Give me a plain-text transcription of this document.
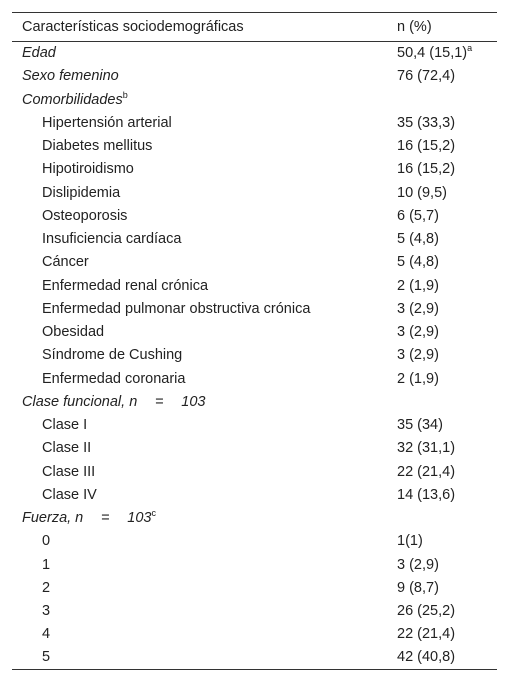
Características sociodemográficas	n (%)
Edad	50,4 $(15,1)^a$
Sexo femenino	76 (72,4)
Comorbilidades$^b$	
Hipertensión arterial	35 (33,3)
Diabetes mellitus	16 (15,2)
Hipotiroidismo	16 (15,2)
Dislipidemia	10 (9,5)
Osteoporosis	6 (5,7)
Insuficiencia cardíaca	5 (4,8)
Cáncer	5 (4,8)
Enfermedad renal crónica	2 (1,9)
Enfermedad pulmonar obstructiva crónica	3 (2,9)
Obesidad	3 (2,9)
Síndrome de Cushing	3 (2,9)
Enfermedad coronaria	2 (1,9)
Clase funcional, n = 103	
Clase I	35 (34)
Clase II	32 (31,1)
Clase III	22 (21,4)
Clase IV	14 (13,6)
Fuerza, $n = 103^c$	
0	1(1)
1	3 (2,9)
2	9 (8,7)
3	26 (25,2)
4	22 (21,4)
5	42 (40,8)
